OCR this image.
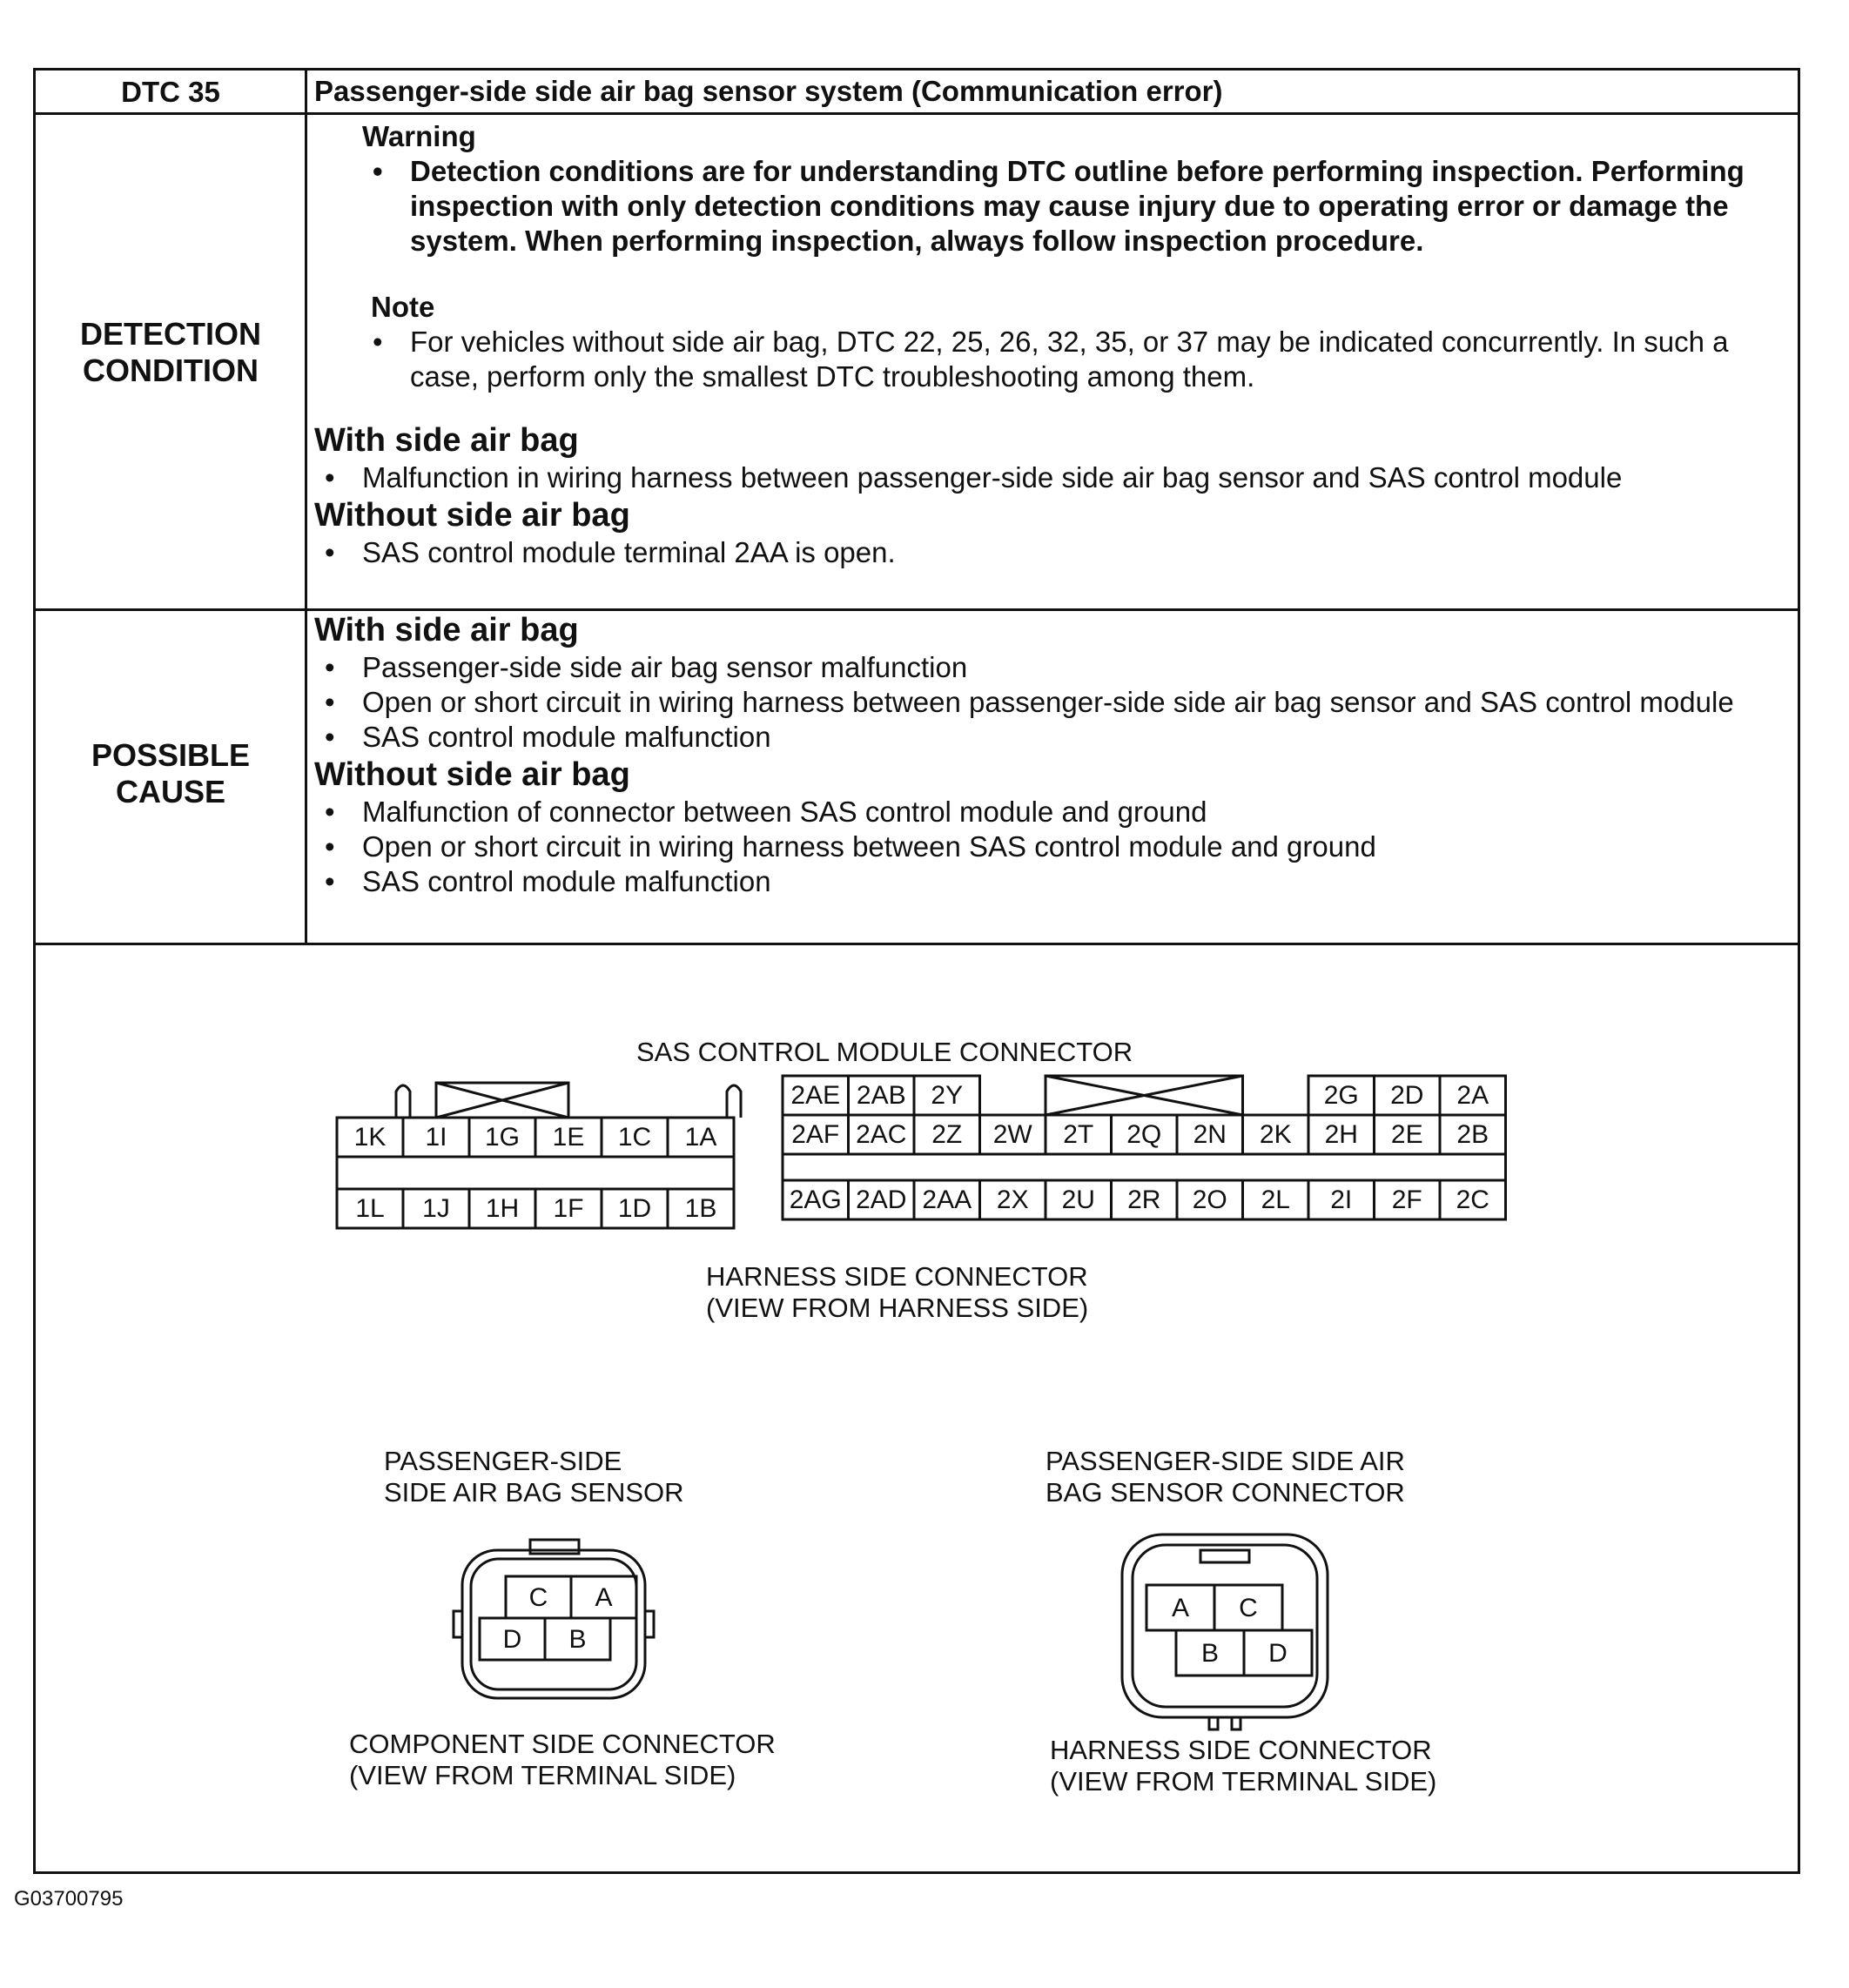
DTC 35	Passenger-side side air bag sensor system (Communication error)
DETECTION
CONDITION
Warning
• Detection conditions are for understanding DTC outline before performing inspection. Performing inspection with only detection conditions may cause injury due to operating error or damage the system. When performing inspection, always follow inspection procedure.
Note
• For vehicles without side air bag, DTC 22, 25, 26, 32, 35, or 37 may be indicated concurrently. In such a case, perform only the smallest DTC troubleshooting among them.
With side air bag
• Malfunction in wiring harness between passenger-side side air bag sensor and SAS control module
Without side air bag
• SAS control module terminal 2AA is open.
POSSIBLE
CAUSE
With side air bag
• Passenger-side side air bag sensor malfunction
• Open or short circuit in wiring harness between passenger-side side air bag sensor and SAS control module
• SAS control module malfunction
Without side air bag
• Malfunction of connector between SAS control module and ground
• Open or short circuit in wiring harness between SAS control module and ground
• SAS control module malfunction
SAS CONTROL MODULE CONNECTOR
HARNESS SIDE CONNECTOR
(VIEW FROM HARNESS SIDE)
PASSENGER-SIDE
SIDE AIR BAG SENSOR
COMPONENT SIDE CONNECTOR
(VIEW FROM TERMINAL SIDE)
PASSENGER-SIDE SIDE AIR
BAG SENSOR CONNECTOR
HARNESS SIDE CONNECTOR
(VIEW FROM TERMINAL SIDE)
1K 1I 1G 1E 1C 1A
1L 1J 1H 1F 1D 1B
2AE 2AB 2Y	2G 2D 2A
2AF 2AC 2Z 2W 2T 2Q 2N 2K 2H 2E 2B
2AG 2AD 2AA 2X 2U 2R 2O 2L 2I 2F 2C
C A
D B
A C
B D
G03700795
